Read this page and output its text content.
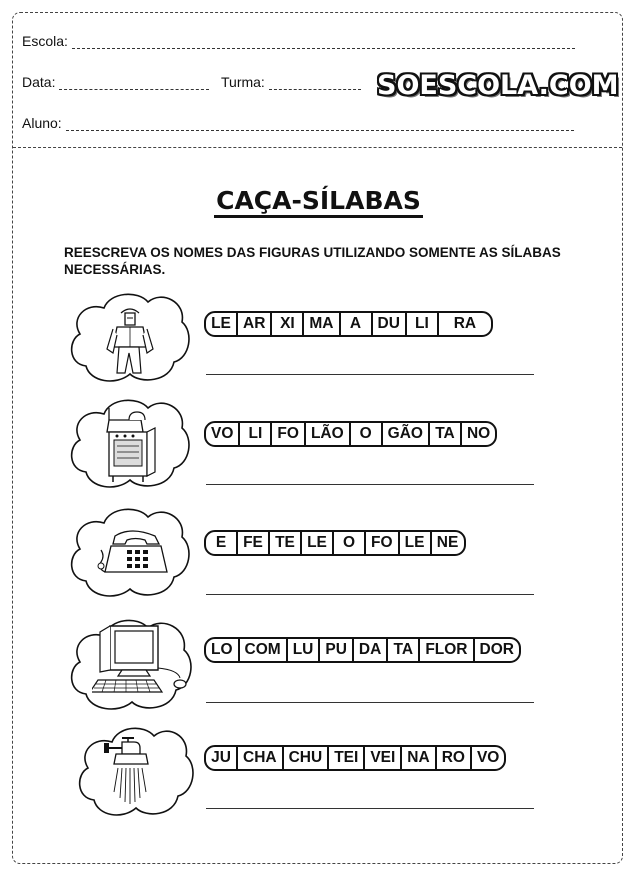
Escola:
Data:	Turma:
Aluno:
SOESCOLA.COM
CAÇA-SÍLABAS
REESCREVA OS NOMES DAS FIGURAS UTILIZANDO SOMENTE AS SÍLABAS NECESSÁRIAS.
LE AR XI MA	A	DU LI	RA
VO LI FO LÃO	O	GÃO TA NO
E	FE TE LE	O	FO LE NE
LO COM LU PU DA TA FLOR DOR
JU CHA CHU TEI VEI NA RO VO
